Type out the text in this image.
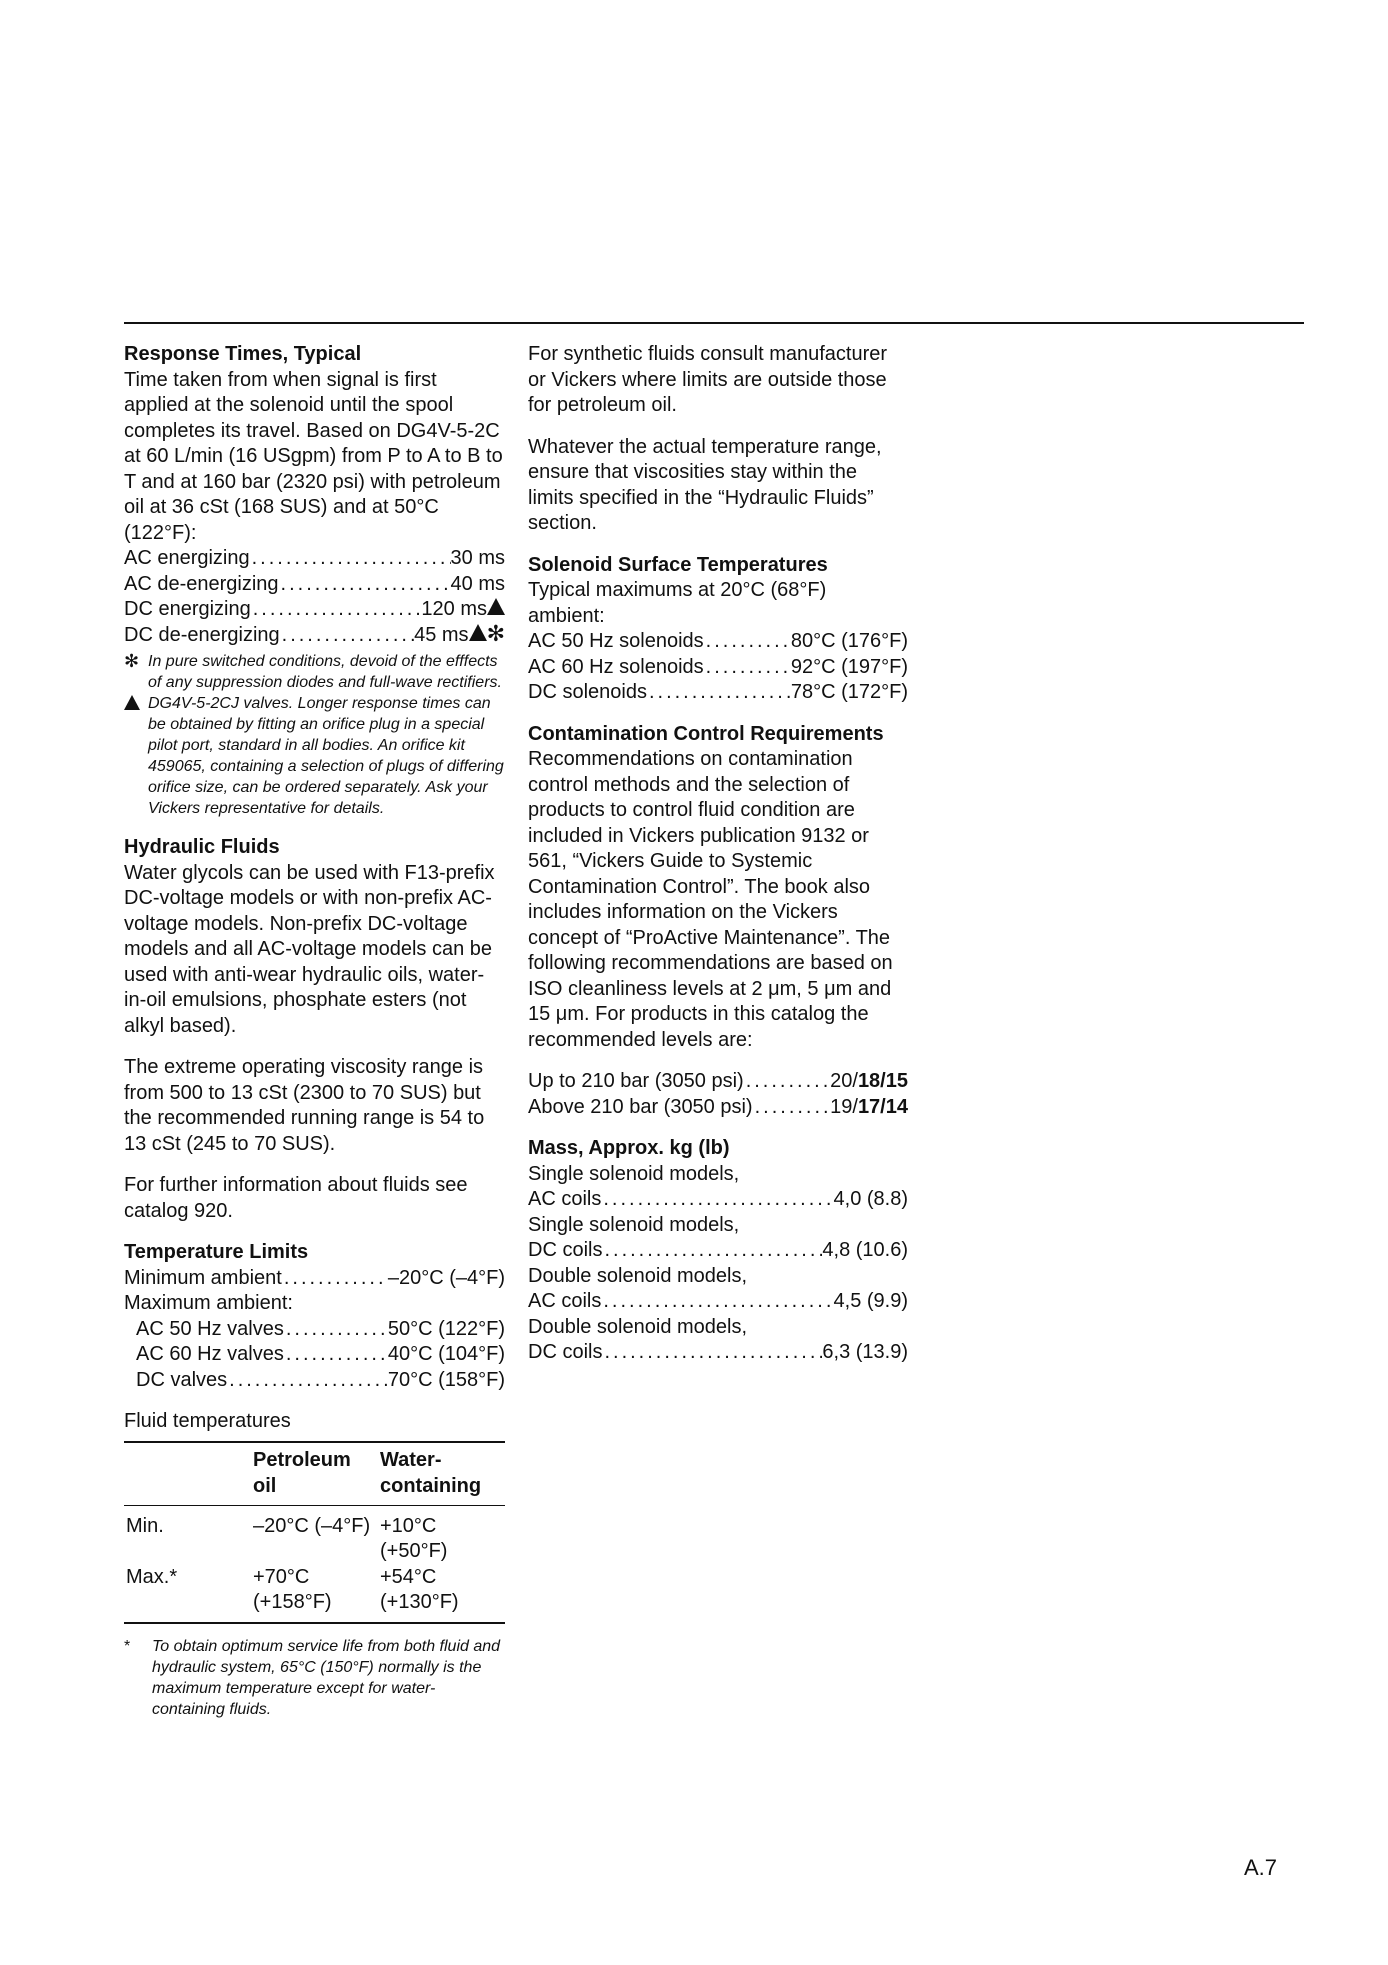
Response Times, Typical

Time taken from when signal is first applied at the solenoid until the spool completes its travel. Based on DG4V-5-2C at 60 L/min (16 USgpm) from P to A to B to T and at 160 bar (2320 psi) with petroleum oil at 36 cSt (168 SUS) and at 50°C (122°F):

AC energizing .....	30 ms
AC de-energizing .....	40 ms
DC energizing .....	120 ms
DC de-energizing .....	45 ms ✻
✻ In pure switched conditions, devoid of the efffects of any suppression diodes and full-wave rectifiers.
DG4V-5-2CJ valves. Longer response times can be obtained by fitting an orifice plug in a special pilot port, standard in all bodies. An orifice kit 459065, containing a selection of plugs of differing orifice size, can be ordered separately. Ask your Vickers representative for details.
Hydraulic Fluids

Water glycols can be used with F13-prefix DC-voltage models or with non-prefix AC-voltage models. Non-prefix DC-voltage models and all AC-voltage models can be used with anti-wear hydraulic oils, water-in-oil emulsions, phosphate esters (not alkyl based).

The extreme operating viscosity range is from 500 to 13 cSt (2300 to 70 SUS) but the recommended running range is 54 to 13 cSt (245 to 70 SUS).

For further information about fluids see catalog 920.

Temperature Limits
Minimum ambient .....	–20°C (–4°F)

Maximum ambient:

AC 50 Hz valves .....	50°C (122°F)
AC 60 Hz valves .....	40°C (104°F)
DC valves .....	70°C (158°F)

Fluid temperatures

	Petroleum oil	Water-containing
Min.	–20°C (–4°F)	+10°C (+50°F)
Max.*	+70°C (+158°F)	+54°C (+130°F)
*	To obtain optimum service life from both fluid and hydraulic system, 65°C (150°F) normally is the maximum temperature except for water-containing fluids.

For synthetic fluids consult manufacturer or Vickers where limits are outside those for petroleum oil.

Whatever the actual temperature range, ensure that viscosities stay within the limits specified in the “Hydraulic Fluids” section.

Solenoid Surface Temperatures

Typical maximums at 20°C (68°F) ambient:

AC 50 Hz solenoids .....	80°C (176°F)
AC 60 Hz solenoids .....	92°C (197°F)
DC solenoids .....	78°C (172°F)
Contamination Control Requirements

Recommendations on contamination control methods and the selection of products to control fluid condition are included in Vickers publication 9132 or 561, “Vickers Guide to Systemic Contamination Control”. The book also includes information on the Vickers concept of “ProActive Maintenance”. The following recommendations are based on ISO cleanliness levels at 2 μm, 5 μm and 15 μm. For products in this catalog the recommended levels are:

Up to 210 bar (3050 psi) .....	20/18/15
Above 210 bar (3050 psi) .....	19/17/14
Mass, Approx. kg (lb)

Single solenoid models,

AC coils .....	4,0 (8.8)

Single solenoid models,

DC coils .....	4,8 (10.6)

Double solenoid models,

AC coils .....	4,5 (9.9)

Double solenoid models,

DC coils .....	6,3 (13.9)
A.7
